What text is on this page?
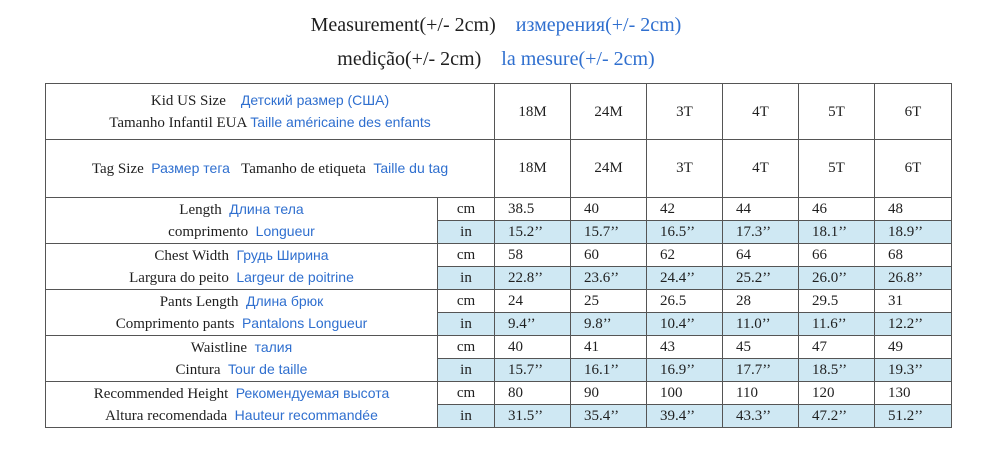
Measurement(+/- 2cm) измерения(+/- 2cm)
medição(+/- 2cm) la mesure(+/- 2cm)
Kid US Size Детский размер (США)
Tamanho Infantil EUA Taille américaine des enfants		18M	24M	3T	4T	5T	6T
Tag Size Размер тега Tamanho de etiqueta Taille du tag		18M	24M	3T	4T	5T	6T

Length Длина тела
comprimento Longueur	cm	38.5	40	42	44	46	48
	in	15.2’’	15.7’’	16.5’’	17.3’’	18.1’’	18.9’’

Chest Width Грудь Ширина
Largura do peito Largeur de poitrine	cm	58	60	62	64	66	68
	in	22.8’’	23.6’’	24.4’’	25.2’’	26.0’’	26.8’’

Pants Length Длина брюк
Comprimento pants Pantalons Longueur	cm	24	25	26.5	28	29.5	31
	in	9.4’’	9.8’’	10.4’’	11.0’’	11.6’’	12.2’’

Waistline талия
Cintura Tour de taille	cm	40	41	43	45	47	49
	in	15.7’’	16.1’’	16.9’’	17.7’’	18.5’’	19.3’’

Recommended Height Рекомендуемая высота
Altura recomendada Hauteur recommandée	cm	80	90	100	110	120	130
	in	31.5’’	35.4’’	39.4’’	43.3’’	47.2’’	51.2’’
